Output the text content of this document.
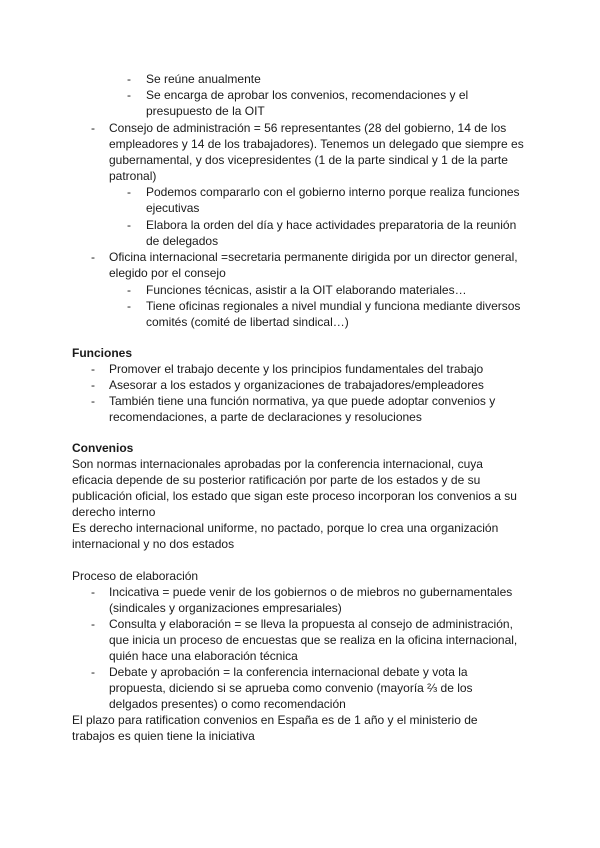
- Se reúne anualmente
- Se encarga de aprobar los convenios, recomendaciones y el
presupuesto de la OIT
- Consejo de administración = 56 representantes (28 del gobierno, 14 de los
empleadores y 14 de los trabajadores). Tenemos un delegado que siempre es
gubernamental, y dos vicepresidentes (1 de la parte sindical y 1 de la parte
patronal)
- Podemos compararlo con el gobierno interno porque realiza funciones
ejecutivas
- Elabora la orden del día y hace actividades preparatoria de la reunión
de delegados
- Oficina internacional =secretaria permanente dirigida por un director general,
elegido por el consejo
- Funciones técnicas, asistir a la OIT elaborando materiales…
- Tiene oficinas regionales a nivel mundial y funciona mediante diversos
comités (comité de libertad sindical…)
Funciones
- Promover el trabajo decente y los principios fundamentales del trabajo
- Asesorar a los estados y organizaciones de trabajadores/empleadores
- También tiene una función normativa, ya que puede adoptar convenios y
recomendaciones, a parte de declaraciones y resoluciones
Convenios
Son normas internacionales aprobadas por la conferencia internacional, cuya
eficacia depende de su posterior ratificación por parte de los estados y de su
publicación oficial, los estado que sigan este proceso incorporan los convenios a su
derecho interno
Es derecho internacional uniforme, no pactado, porque lo crea una organización
internacional y no dos estados
Proceso de elaboración
- Incicativa = puede venir de los gobiernos o de miebros no gubernamentales
(sindicales y organizaciones empresariales)
- Consulta y elaboración = se lleva la propuesta al consejo de administración,
que inicia un proceso de encuestas que se realiza en la oficina internacional,
quién hace una elaboración técnica
- Debate y aprobación = la conferencia internacional debate y vota la
propuesta, diciendo si se aprueba como convenio (mayoría ⅔ de los
delgados presentes) o como recomendación
El plazo para ratification convenios en España es de 1 año y el ministerio de
trabajos es quien tiene la iniciativa
